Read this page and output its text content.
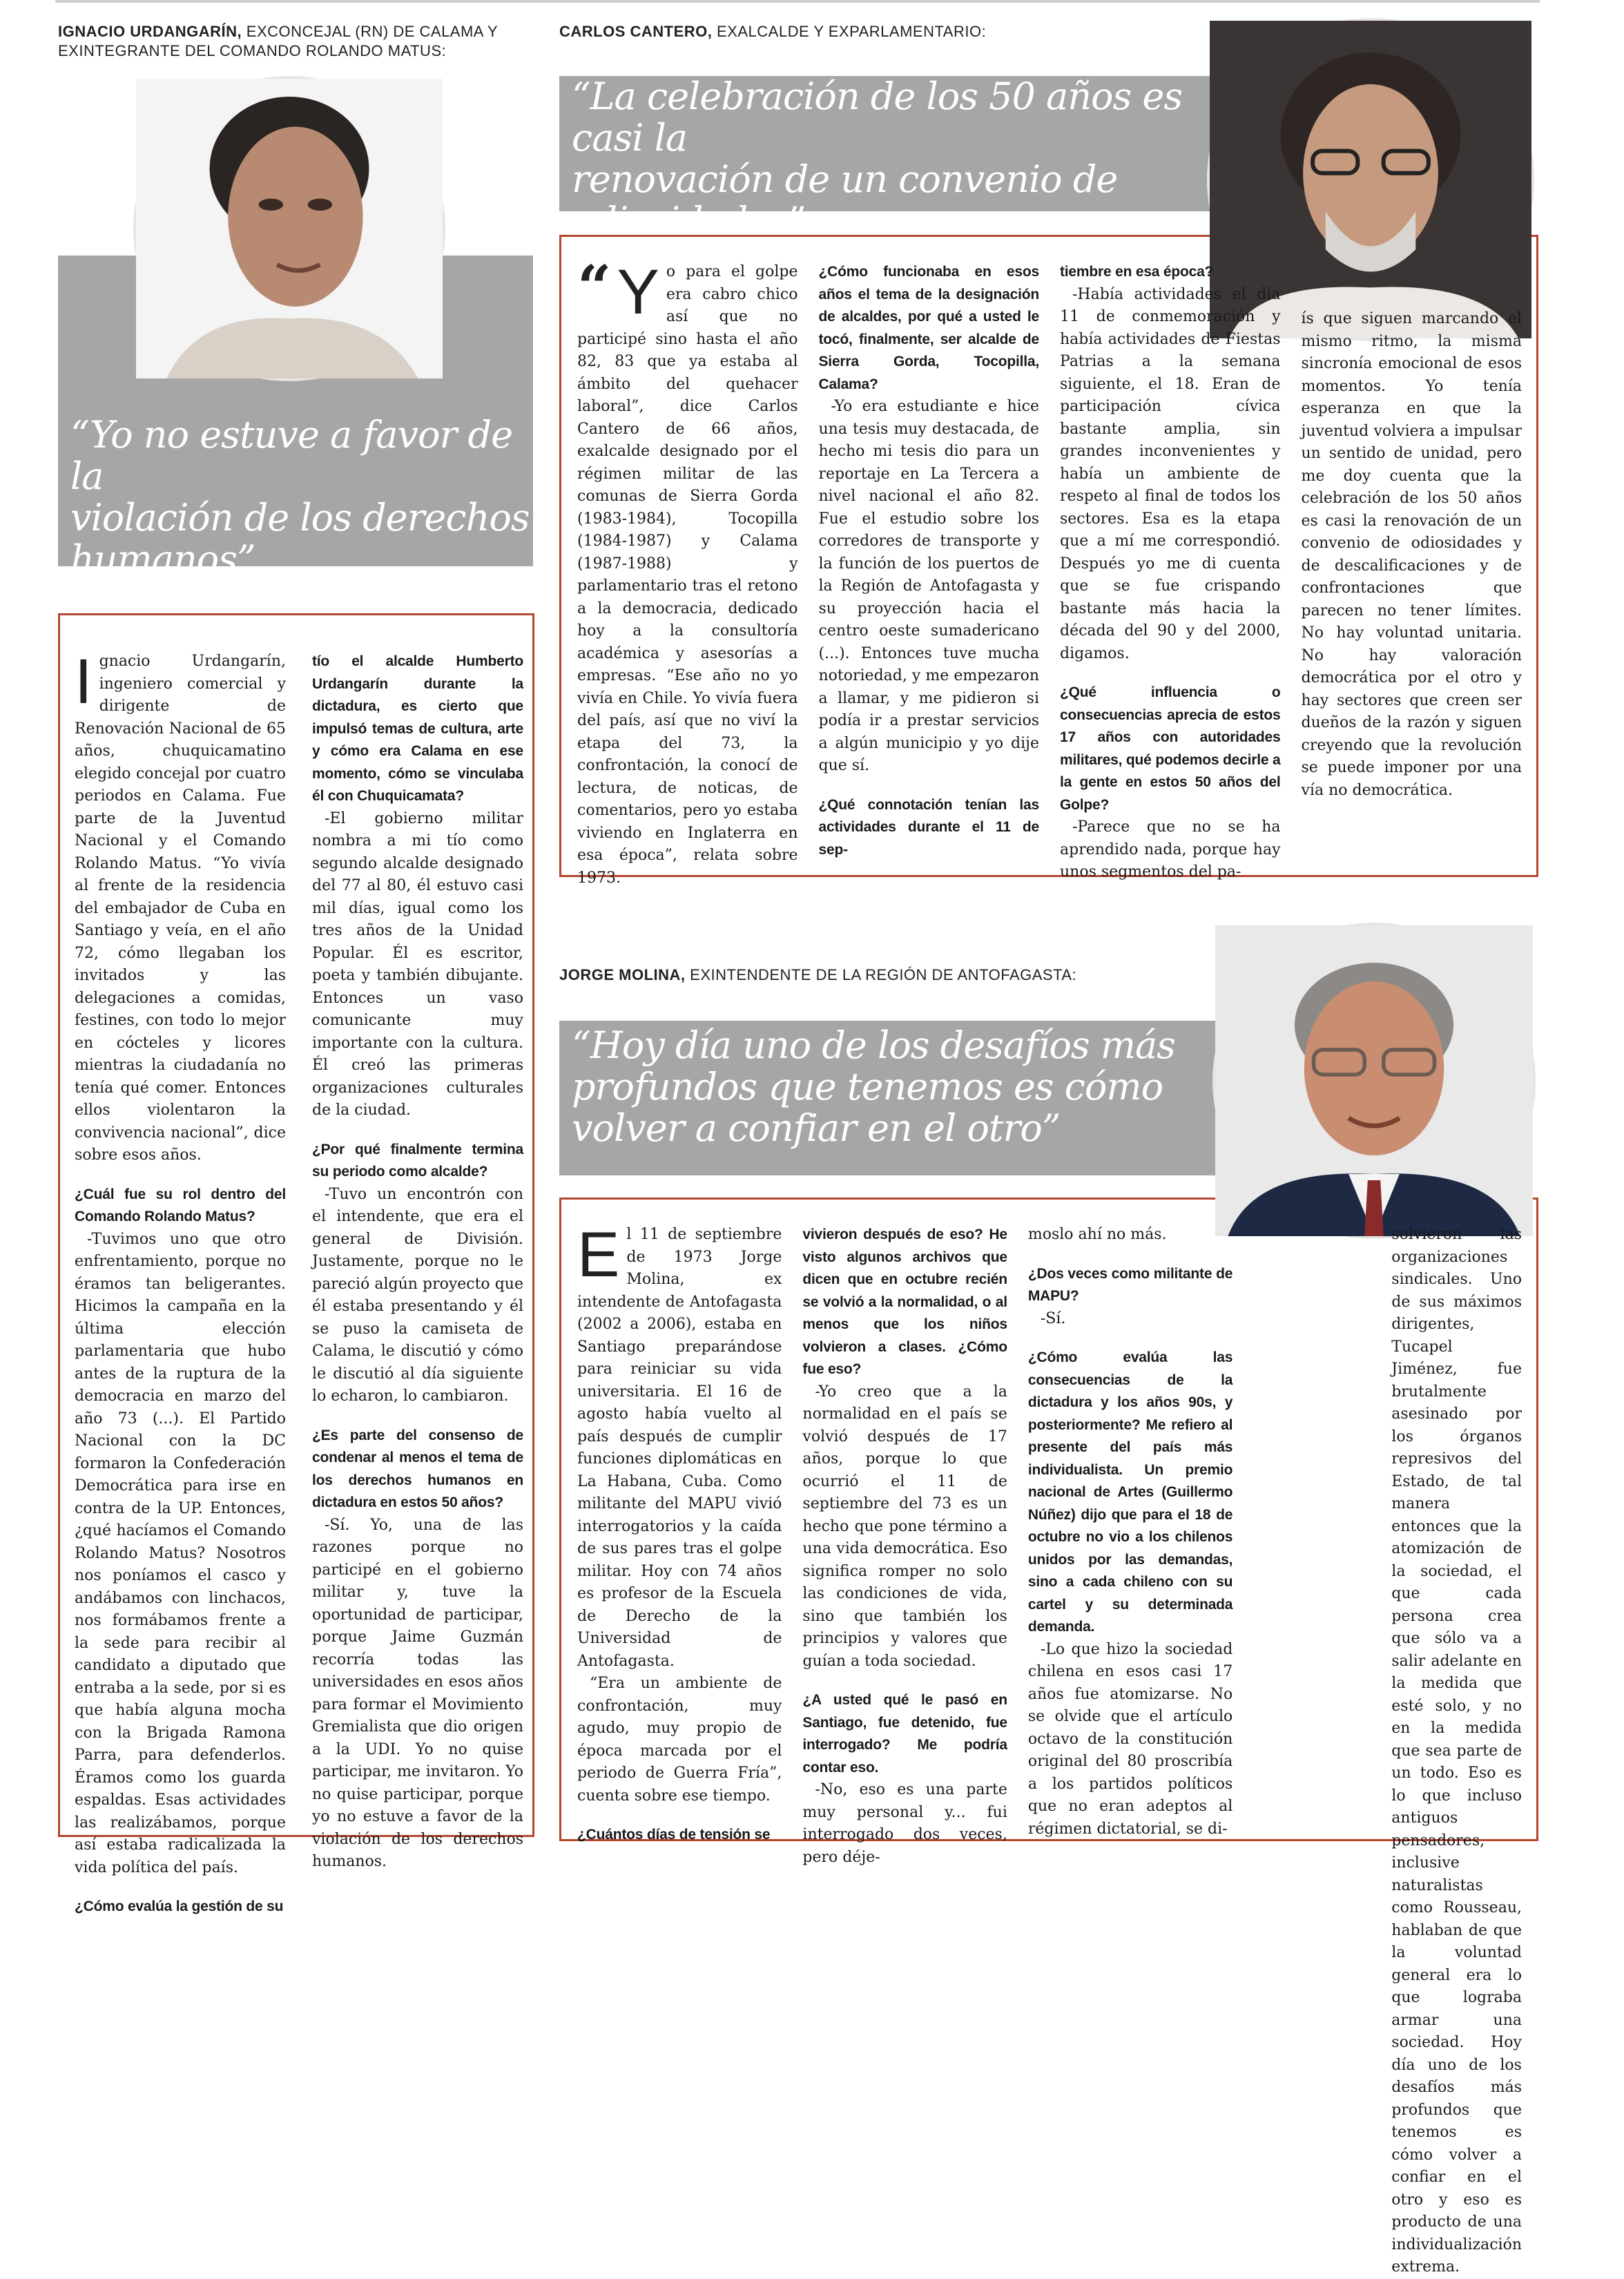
IGNACIO URDANGARÍN, EXCONCEJAL (RN) DE CALAMA Y EXINTEGRANTE DEL COMANDO ROLANDO MATUS:
“Yo no estuve a favor de la
violación de los derechos
humanos”
I gnacio Urdangarín, ingeniero comercial y dirigente de Renovación Nacional de 65 años, chuquicamatino elegido concejal por cuatro periodos en Calama. Fue parte de la Juventud Nacional y el Comando Rolando Matus. “Yo vivía al frente de la residencia del embajador de Cuba en Santiago y veía, en el año 72, cómo llegaban los invitados y las delegaciones a comidas, festines, con todo lo mejor en cócteles y licores mientras la ciudadanía no tenía qué comer. Entonces ellos violentaron la convivencia nacional”, dice sobre esos años.

¿Cuál fue su rol dentro del Comando Rolando Matus?

-Tuvimos uno que otro enfrentamiento, porque no éramos tan beligerantes. Hicimos la campaña en la última elección parlamentaria que hubo antes de la ruptura de la democracia en marzo del año 73 (...). El Partido Nacional con la DC formaron la Confederación Democrática para irse en contra de la UP. Entonces, ¿qué hacíamos el Comando Rolando Matus? Nosotros nos poníamos el casco y andábamos con linchacos, nos formábamos frente a la sede para recibir al candidato a diputado que entraba a la sede, por si es que había alguna mocha con la Brigada Ramona Parra, para defenderlos. Éramos como los guarda espaldas. Esas actividades las realizábamos, porque así estaba radicalizada la vida política del país.

¿Cómo evalúa la gestión de su

tío el alcalde Humberto Urdangarín durante la dictadura, es cierto que impulsó temas de cultura, arte y cómo era Calama en ese momento, cómo se vinculaba él con Chuquicamata?

-El gobierno militar nombra a mi tío como segundo alcalde designado del 77 al 80, él estuvo casi mil días, igual como los tres años de la Unidad Popular. Él es escritor, poeta y también dibujante. Entonces un vaso comunicante muy importante con la cultura. Él creó las primeras organizaciones culturales de la ciudad.

¿Por qué finalmente termina su periodo como alcalde?

-Tuvo un encontrón con el intendente, que era el general de División. Justamente, porque no le pareció algún proyecto que él estaba presentando y él se puso la camiseta de Calama, le discutió y cómo le discutió al día siguiente lo echaron, lo cambiaron.

¿Es parte del consenso de condenar al menos el tema de los derechos humanos en dictadura en estos 50 años?

-Sí. Yo, una de las razones porque no participé en el gobierno militar y, tuve la oportunidad de participar, porque Jaime Guzmán recorría todas las universidades en esos años para formar el Movimiento Gremialista que dio origen a la UDI. Yo no quise participar, me invitaron. Yo no quise participar, porque yo no estuve a favor de la violación de los derechos humanos.

CARLOS CANTERO, EXALCALDE Y EXPARLAMENTARIO:
“La celebración de los 50 años es casi la
renovación de un convenio de
odiosidades”
“ Y o para el golpe era cabro chico así que no participé sino hasta el año 82, 83 que ya estaba al ámbito del quehacer laboral”, dice Carlos Cantero de 66 años, exalcalde designado por el régimen militar de las comunas de Sierra Gorda (1983-1984), Tocopilla (1984-1987) y Calama (1987-1988) y parlamentario tras el retono a la democracia, dedicado hoy a la consultoría académica y asesorías a empresas. “Ese año no yo vivía en Chile. Yo vivía fuera del país, así que no viví la etapa del 73, la confrontación, la conocí de lectura, de noticas, de comentarios, pero yo estaba viviendo en Inglaterra en esa época”, relata sobre 1973.

¿Cómo funcionaba en esos años el tema de la designación de alcaldes, por qué a usted le tocó, finalmente, ser alcalde de Sierra Gorda, Tocopilla, Calama?

-Yo era estudiante e hice una tesis muy destacada, de hecho mi tesis dio para un reportaje en La Tercera a nivel nacional el año 82. Fue el estudio sobre los corredores de transporte y la función de los puertos de la Región de Antofagasta y su proyección hacia el centro oeste sumadericano (...). Entonces tuve mucha notoriedad, y me empezaron a llamar, y me pidieron si podía ir a prestar servicios a algún municipio y yo dije que sí.

¿Qué connotación tenían las actividades durante el 11 de sep-

tiembre en esa época?

-Había actividades el día 11 de conmemoración y había actividades de Fiestas Patrias a la semana siguiente, el 18. Eran de participación cívica bastante amplia, sin grandes inconvenientes y había un ambiente de respeto al final de todos los sectores. Esa es la etapa que a mí me correspondió. Después yo me di cuenta que se fue crispando bastante más hacia la década del 90 y del 2000, digamos.

¿Qué influencia o consecuencias aprecia de estos 17 años con autoridades militares, qué podemos decirle a la gente en estos 50 años del Golpe?

-Parece que no se ha aprendido nada, porque hay unos segmentos del pa-

ís que siguen marcando el mismo ritmo, la misma sincronía emocional de esos momentos. Yo tenía esperanza en que la juventud volviera a impulsar un sentido de unidad, pero me doy cuenta que la celebración de los 50 años es casi la renovación de un convenio de odiosidades y de descalificaciones y de confrontaciones que parecen no tener límites. No hay voluntad unitaria. No hay valoración democrática por el otro y hay sectores que creen ser dueños de la razón y siguen creyendo que la revolución se puede imponer por una vía no democrática.

JORGE MOLINA, EXINTENDENTE DE LA REGIÓN DE ANTOFAGASTA:
“Hoy día uno de los desafíos más
profundos que tenemos es cómo
volver a confiar en el otro”
E l 11 de septiembre de 1973 Jorge Molina, ex intendente de Antofagasta (2002 a 2006), estaba en Santiago preparándose para reiniciar su vida universitaria. El 16 de agosto había vuelto al país después de cumplir funciones diplomáticas en La Habana, Cuba. Como militante del MAPU vivió interrogatorios y la caída de sus pares tras el golpe militar. Hoy con 74 años es profesor de la Escuela de Derecho de la Universidad de Antofagasta.

“Era un ambiente de confrontación, muy agudo, muy propio de época marcada por el periodo de Guerra Fría”, cuenta sobre ese tiempo.

¿Cuántos días de tensión se

vivieron después de eso? He visto algunos archivos que dicen que en octubre recién se volvió a la normalidad, o al menos que los niños volvieron a clases. ¿Cómo fue eso?

-Yo creo que a la normalidad en el país se volvió después de 17 años, porque lo que ocurrió el 11 de septiembre del 73 es un hecho que pone término a una vida democrática. Eso significa romper no solo las condiciones de vida, sino que también los principios y valores que guían a toda sociedad.

¿A usted qué le pasó en Santiago, fue detenido, fue interrogado? Me podría contar eso.

-No, eso es una parte muy personal y... fui interrogado dos veces, pero déje-

moslo ahí no más.

¿Dos veces como militante de MAPU?

-Sí.

¿Cómo evalúa las consecuencias de la dictadura y los años 90s, y posteriormente? Me refiero al presente del país más individualista. Un premio nacional de Artes (Guillermo Núñez) dijo que para el 18 de octubre no vio a los chilenos unidos por las demandas, sino a cada chileno con su cartel y su determinada demanda.

-Lo que hizo la sociedad chilena en esos casi 17 años fue atomizarse. No se olvide que el artículo octavo de la constitución original del 80 proscribía a los partidos políticos que no eran adeptos al régimen dictatorial, se di-

solvieron las organizaciones sindicales. Uno de sus máximos dirigentes, Tucapel Jiménez, fue brutalmente asesinado por los órganos represivos del Estado, de tal manera entonces que la atomización de la sociedad, el que cada persona crea que sólo va a salir adelante en la medida que esté solo, y no en la medida que sea parte de un todo. Eso es lo que incluso antiguos pensadores, inclusive naturalistas como Rousseau, hablaban de que la voluntad general era lo que lograba armar una sociedad. Hoy día uno de los desafíos más profundos que tenemos es cómo volver a confiar en el otro y eso es producto de una individualización extrema.
